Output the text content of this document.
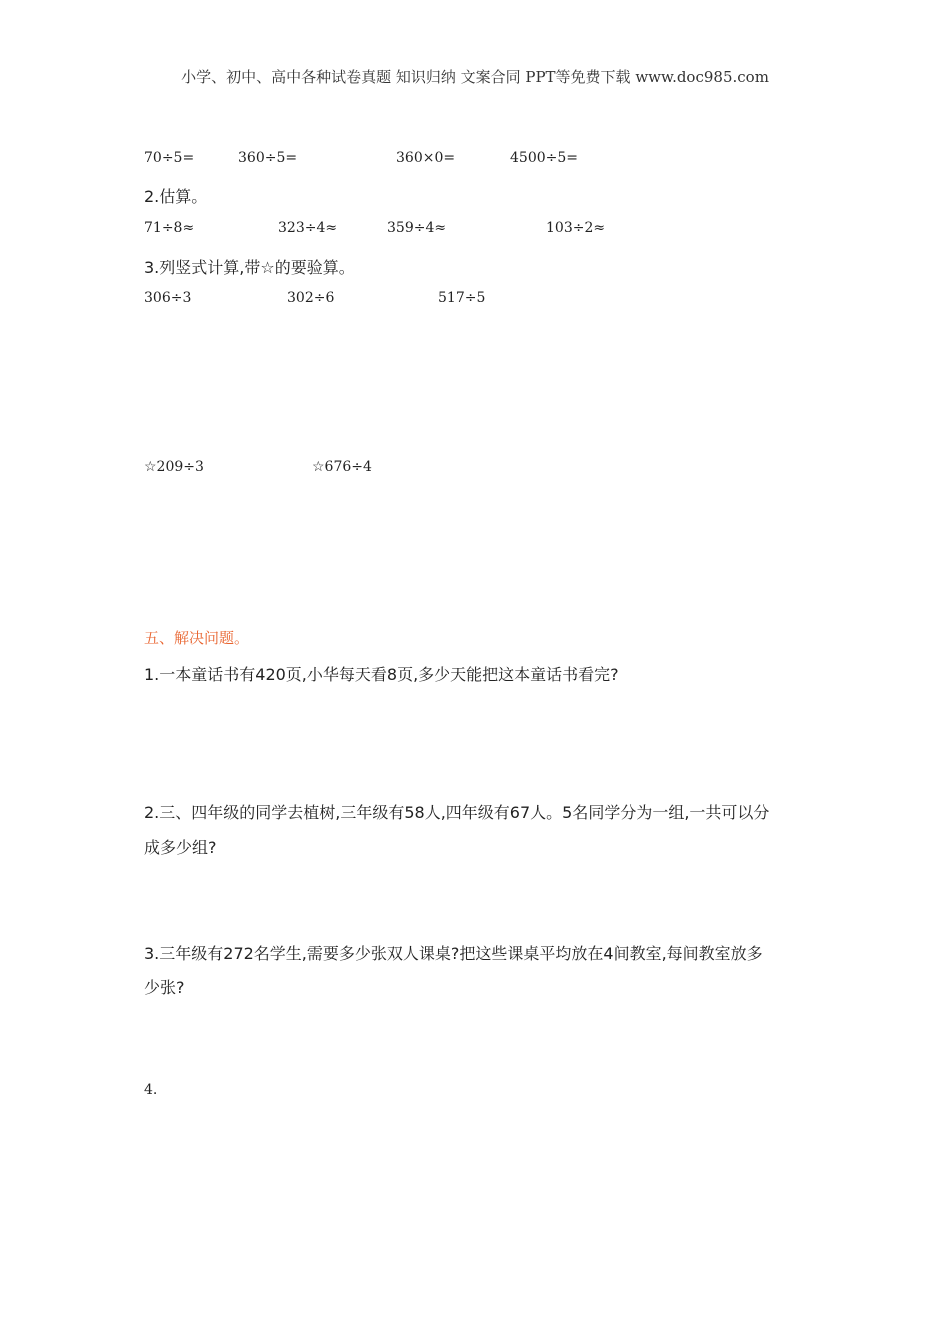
小学、初中、高中各种试卷真题 知识归纳 文案合同 PPT等免费下载 www.doc985.com
70÷5=	360÷5=	360×0=	4500÷5=
2.估算。
71÷8≈	323÷4≈	359÷4≈	103÷2≈
3.列竖式计算,带☆的要验算。
306÷3	302÷6	517÷5
☆209÷3	☆676÷4
五、解决问题。
1.一本童话书有420页,小华每天看8页,多少天能把这本童话书看完?
2.三、四年级的同学去植树,三年级有58人,四年级有67人。5名同学分为一组,一共可以分
成多少组?
3.三年级有272名学生,需要多少张双人课桌?把这些课桌平均放在4间教室,每间教室放多
少张?
4.
